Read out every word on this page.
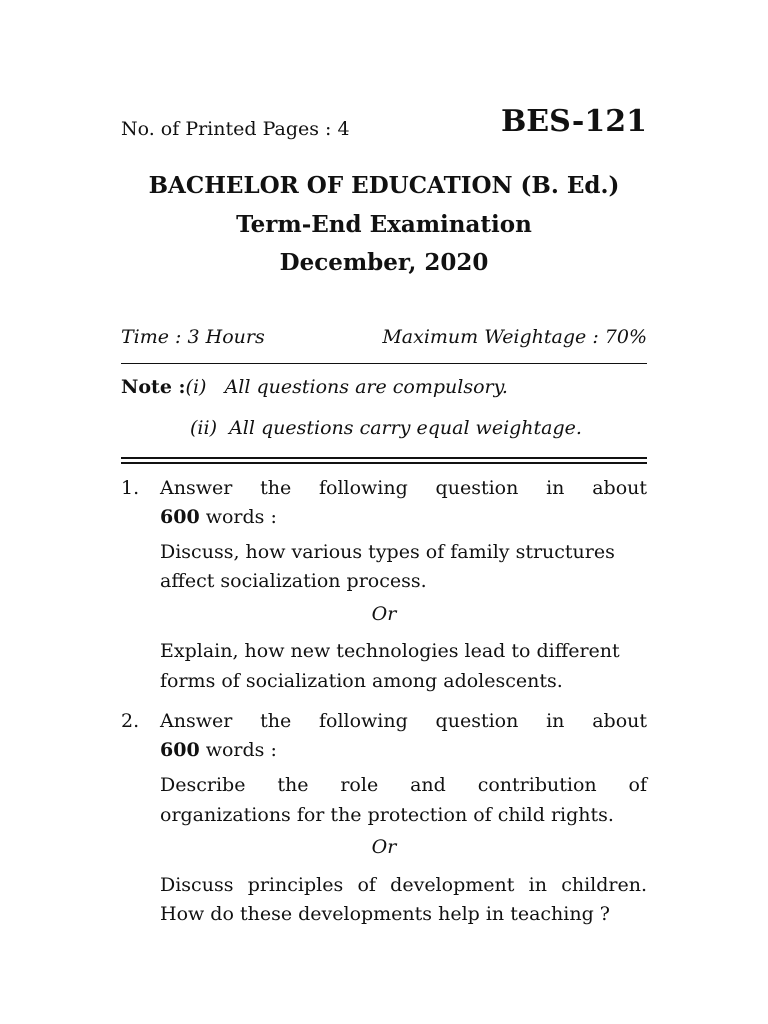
No. of Printed Pages : 4	BES-121
BACHELOR OF EDUCATION (B. Ed.)
Term-End Examination
December, 2020
Time : 3 Hours	Maximum Weightage : 70%
Note :(i) All questions are compulsory.
(ii) All questions carry equal weightage.
1. Answer the following question in about
600 words :
Discuss, how various types of family structures
affect socialization process.
Or
Explain, how new technologies lead to different
forms of socialization among adolescents.
2. Answer the following question in about
600 words :
Describe the role and contribution of
organizations for the protection of child rights.
Or
Discuss principles of development in children.
How do these developments help in teaching ?
